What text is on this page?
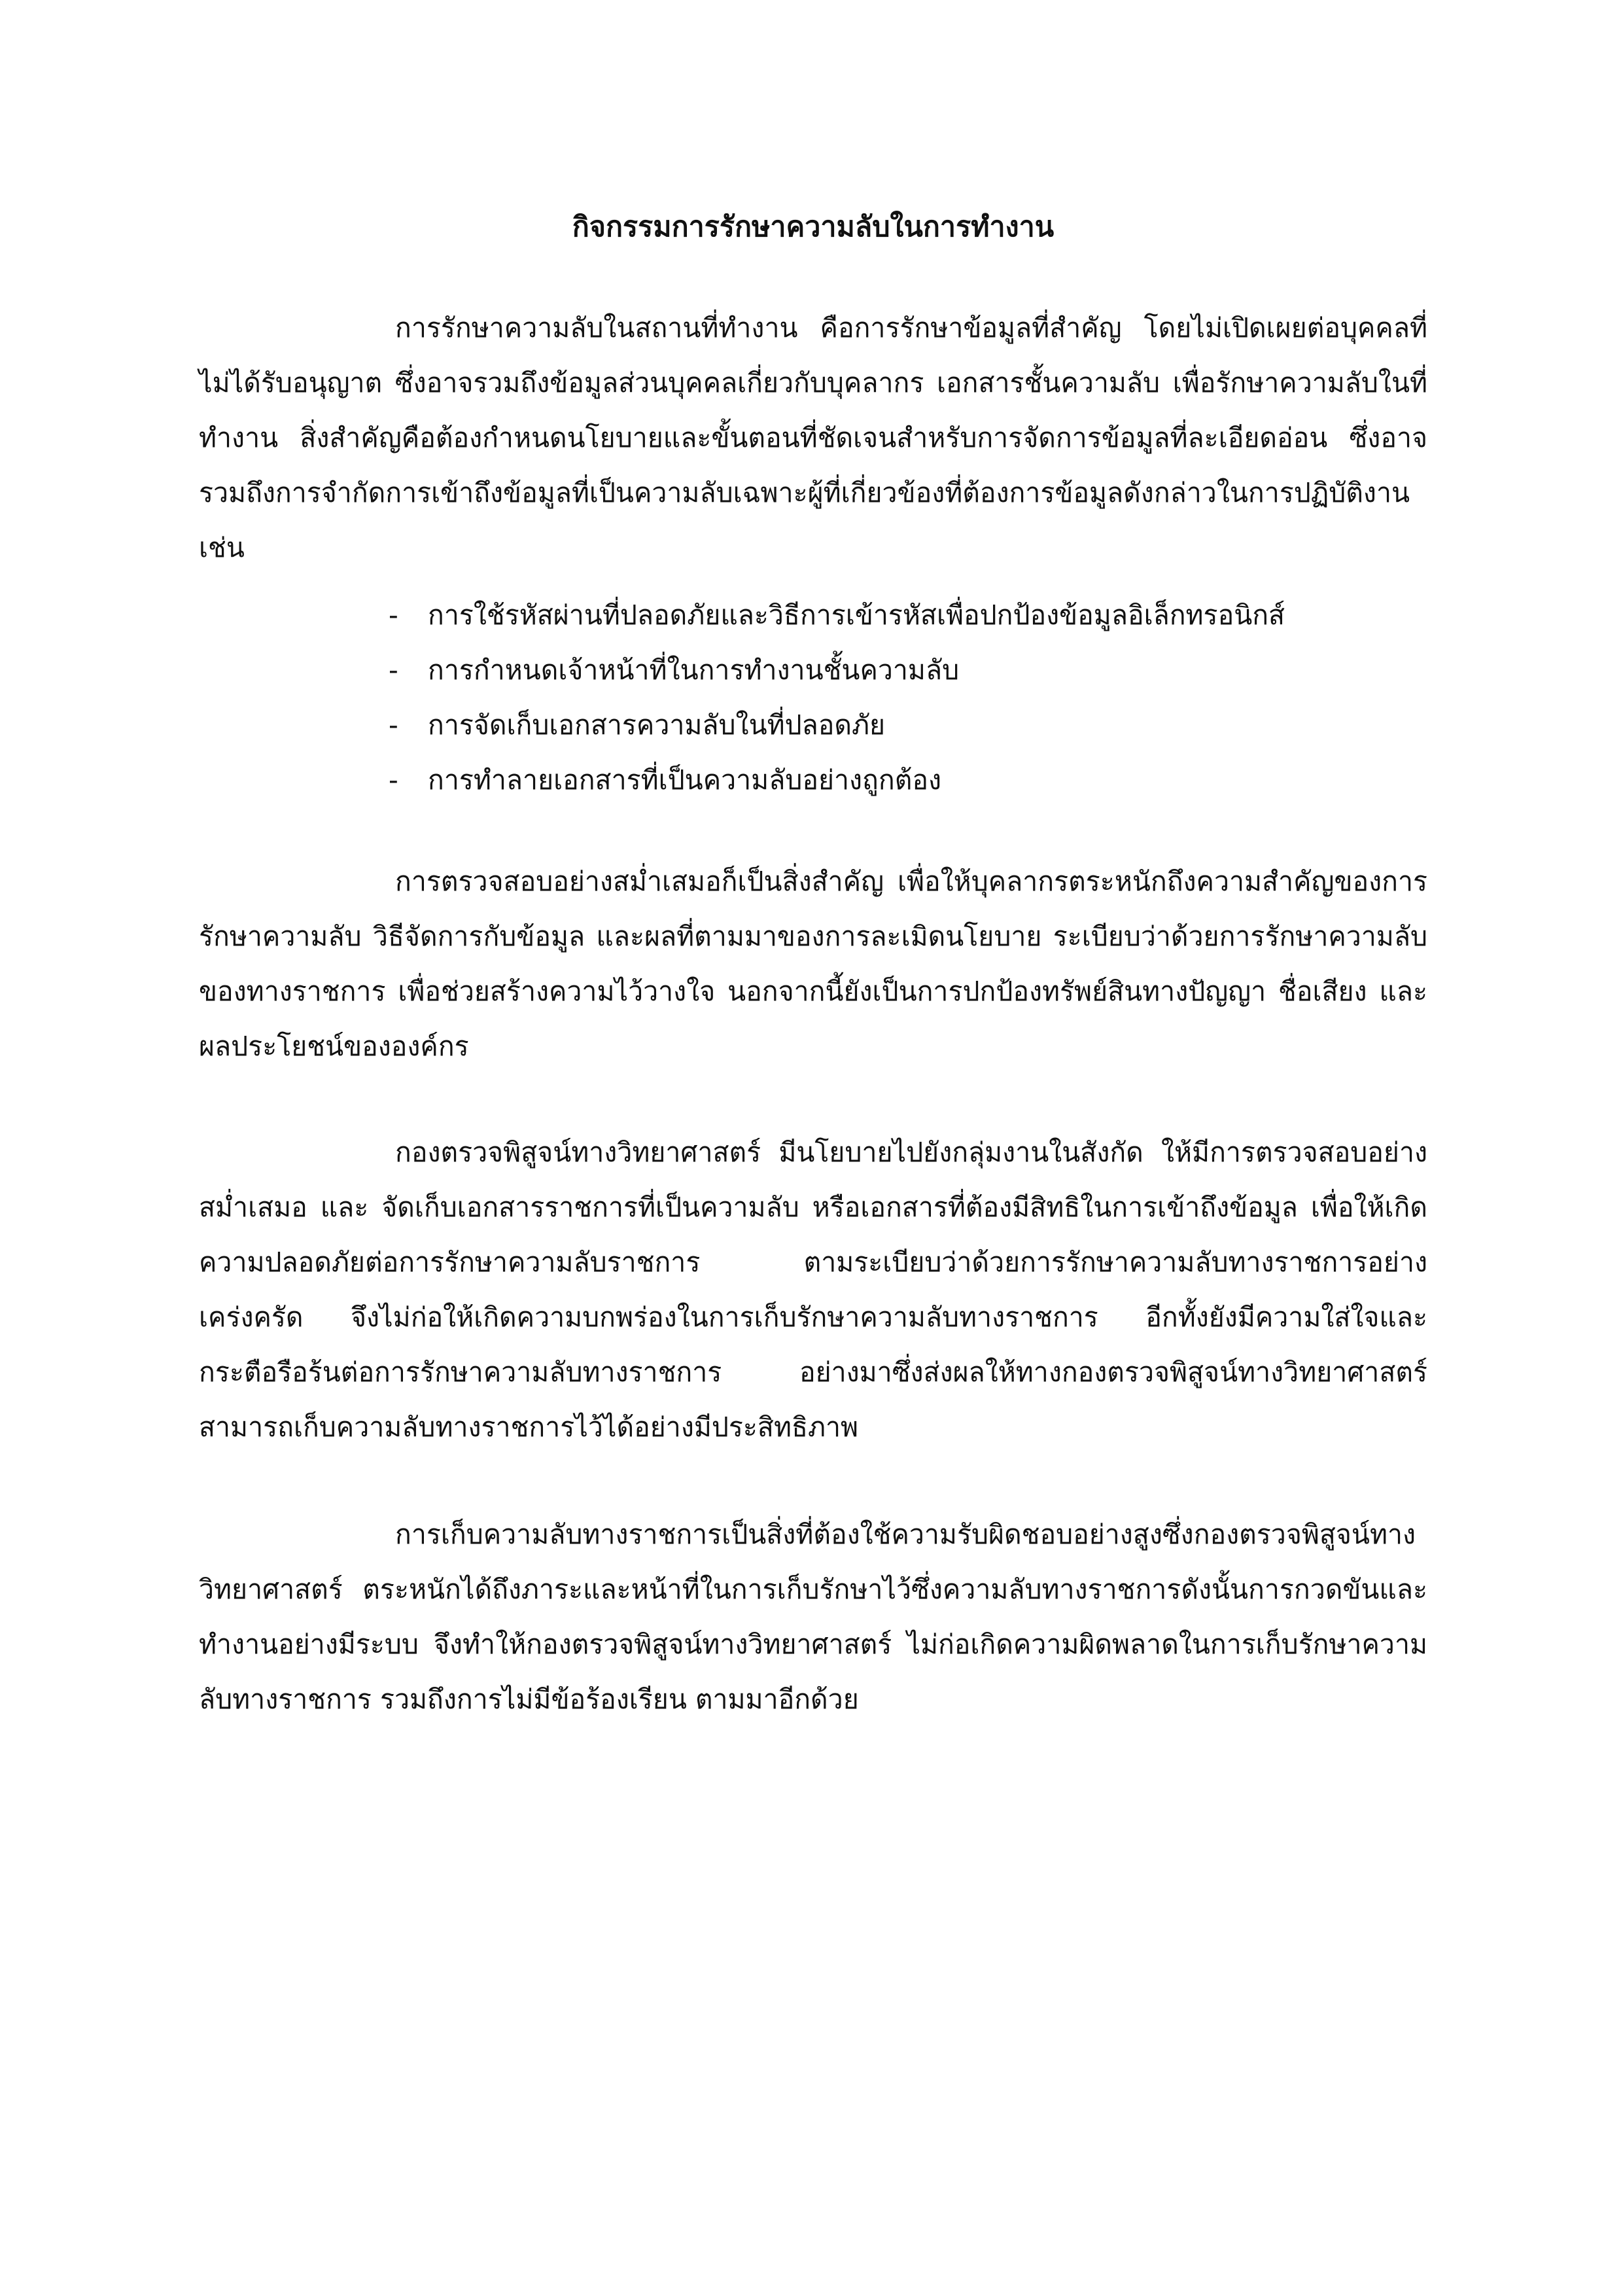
กิจกรรมการรักษาความลับในการทำงาน

การรักษาความลับในสถานที่ทำงาน คือการรักษาข้อมูลที่สำคัญ โดยไม่เปิดเผยต่อบุคคลที่ไม่ได้รับอนุญาต ซึ่งอาจรวมถึงข้อมูลส่วนบุคคลเกี่ยวกับบุคลากร เอกสารชั้นความลับ เพื่อรักษาความลับในที่ทำงาน สิ่งสำคัญคือต้องกำหนดนโยบายและขั้นตอนที่ชัดเจนสำหรับการจัดการข้อมูลที่ละเอียดอ่อน ซึ่งอาจรวมถึงการจำกัดการเข้าถึงข้อมูลที่เป็นความลับเฉพาะผู้ที่เกี่ยวข้องที่ต้องการข้อมูลดังกล่าวในการปฏิบัติงาน เช่น

-	การใช้รหัสผ่านที่ปลอดภัยและวิธีการเข้ารหัสเพื่อปกป้องข้อมูลอิเล็กทรอนิกส์
-	การกำหนดเจ้าหน้าที่ในการทำงานชั้นความลับ
-	การจัดเก็บเอกสารความลับในที่ปลอดภัย
-	การทำลายเอกสารที่เป็นความลับอย่างถูกต้อง

การตรวจสอบอย่างสม่ำเสมอก็เป็นสิ่งสำคัญ เพื่อให้บุคลากรตระหนักถึงความสำคัญของการรักษาความลับ วิธีจัดการกับข้อมูล และผลที่ตามมาของการละเมิดนโยบาย ระเบียบว่าด้วยการรักษาความลับของทางราชการ เพื่อช่วยสร้างความไว้วางใจ นอกจากนี้ยังเป็นการปกป้องทรัพย์สินทางปัญญา ชื่อเสียง และผลประโยชน์ขององค์กร

กองตรวจพิสูจน์ทางวิทยาศาสตร์ มีนโยบายไปยังกลุ่มงานในสังกัด ให้มีการตรวจสอบอย่างสม่ำเสมอ และ จัดเก็บเอกสารราชการที่เป็นความลับ หรือเอกสารที่ต้องมีสิทธิในการเข้าถึงข้อมูล เพื่อให้เกิดความปลอดภัยต่อการรักษาความลับราชการ ตามระเบียบว่าด้วยการรักษาความลับทางราชการอย่างเคร่งครัด จึงไม่ก่อให้เกิดความบกพร่องในการเก็บรักษาความลับทางราชการ อีกทั้งยังมีความใส่ใจและกระตือรือร้นต่อการรักษาความลับทางราชการ อย่างมาซึ่งส่งผลให้ทางกองตรวจพิสูจน์ทางวิทยาศาสตร์สามารถเก็บความลับทางราชการไว้ได้อย่างมีประสิทธิภาพ

การเก็บความลับทางราชการเป็นสิ่งที่ต้องใช้ความรับผิดชอบอย่างสูงซึ่งกองตรวจพิสูจน์ทางวิทยาศาสตร์ ตระหนักได้ถึงภาระและหน้าที่ในการเก็บรักษาไว้ซึ่งความลับทางราชการดังนั้นการกวดขันและทำงานอย่างมีระบบ จึงทำให้กองตรวจพิสูจน์ทางวิทยาศาสตร์ ไม่ก่อเกิดความผิดพลาดในการเก็บรักษาความลับทางราชการ รวมถึงการไม่มีข้อร้องเรียน ตามมาอีกด้วย
